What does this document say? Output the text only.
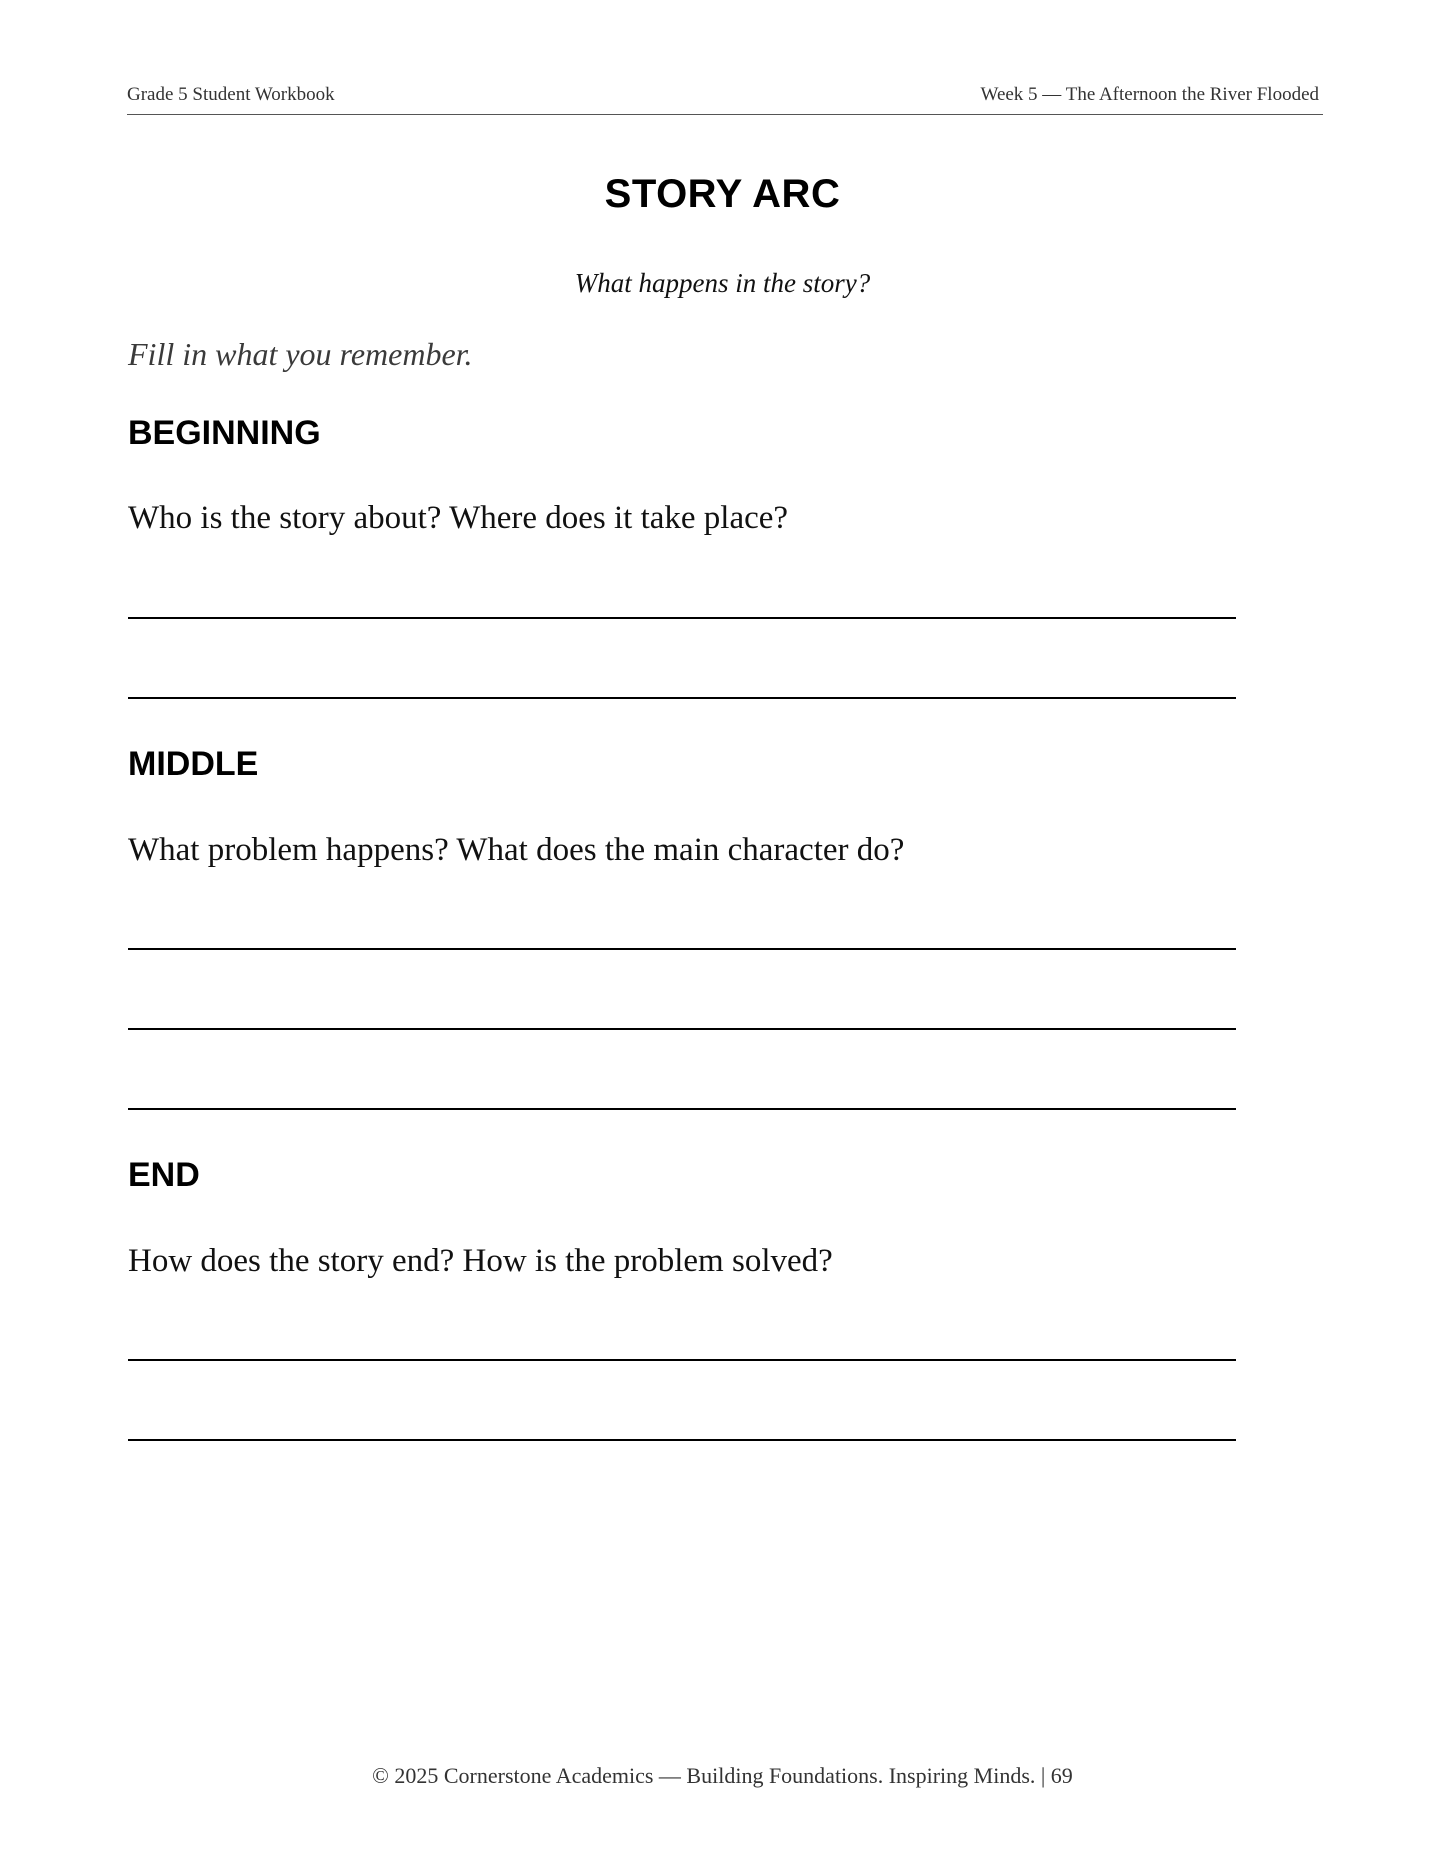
Grade 5 Student Workbook	Week 5 — The Afternoon the River Flooded
STORY ARC
What happens in the story?
Fill in what you remember.
BEGINNING
Who is the story about? Where does it take place?
MIDDLE
What problem happens? What does the main character do?
END
How does the story end? How is the problem solved?
© 2025 Cornerstone Academics — Building Foundations. Inspiring Minds. | 69
